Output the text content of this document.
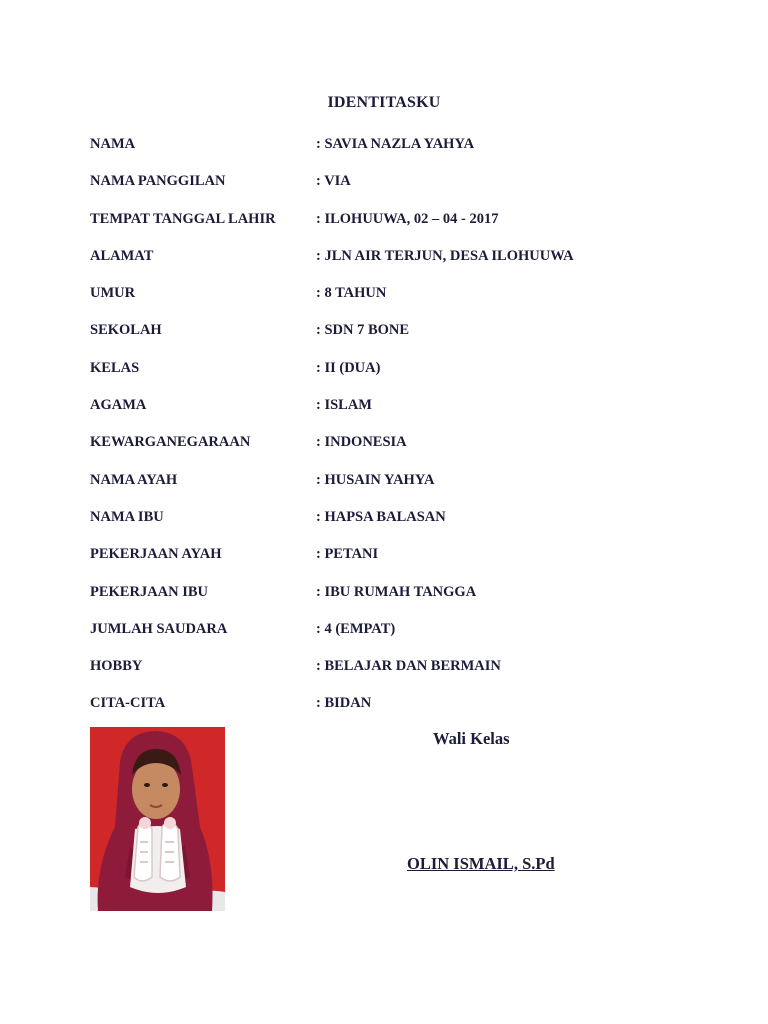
IDENTITASKU
NAMA	: SAVIA NAZLA YAHYA
NAMA PANGGILAN	: VIA
TEMPAT TANGGAL LAHIR	: ILOHUUWA, 02 – 04 - 2017
ALAMAT	: JLN AIR TERJUN, DESA ILOHUUWA
UMUR	: 8 TAHUN
SEKOLAH	: SDN 7 BONE
KELAS	: II (DUA)
AGAMA	: ISLAM
KEWARGANEGARAAN	: INDONESIA
NAMA AYAH	: HUSAIN YAHYA
NAMA IBU	: HAPSA BALASAN
PEKERJAAN AYAH	: PETANI
PEKERJAAN IBU	: IBU RUMAH TANGGA
JUMLAH SAUDARA	: 4 (EMPAT)
HOBBY	: BELAJAR DAN BERMAIN
CITA-CITA	: BIDAN
Wali Kelas
OLIN ISMAIL, S.Pd
